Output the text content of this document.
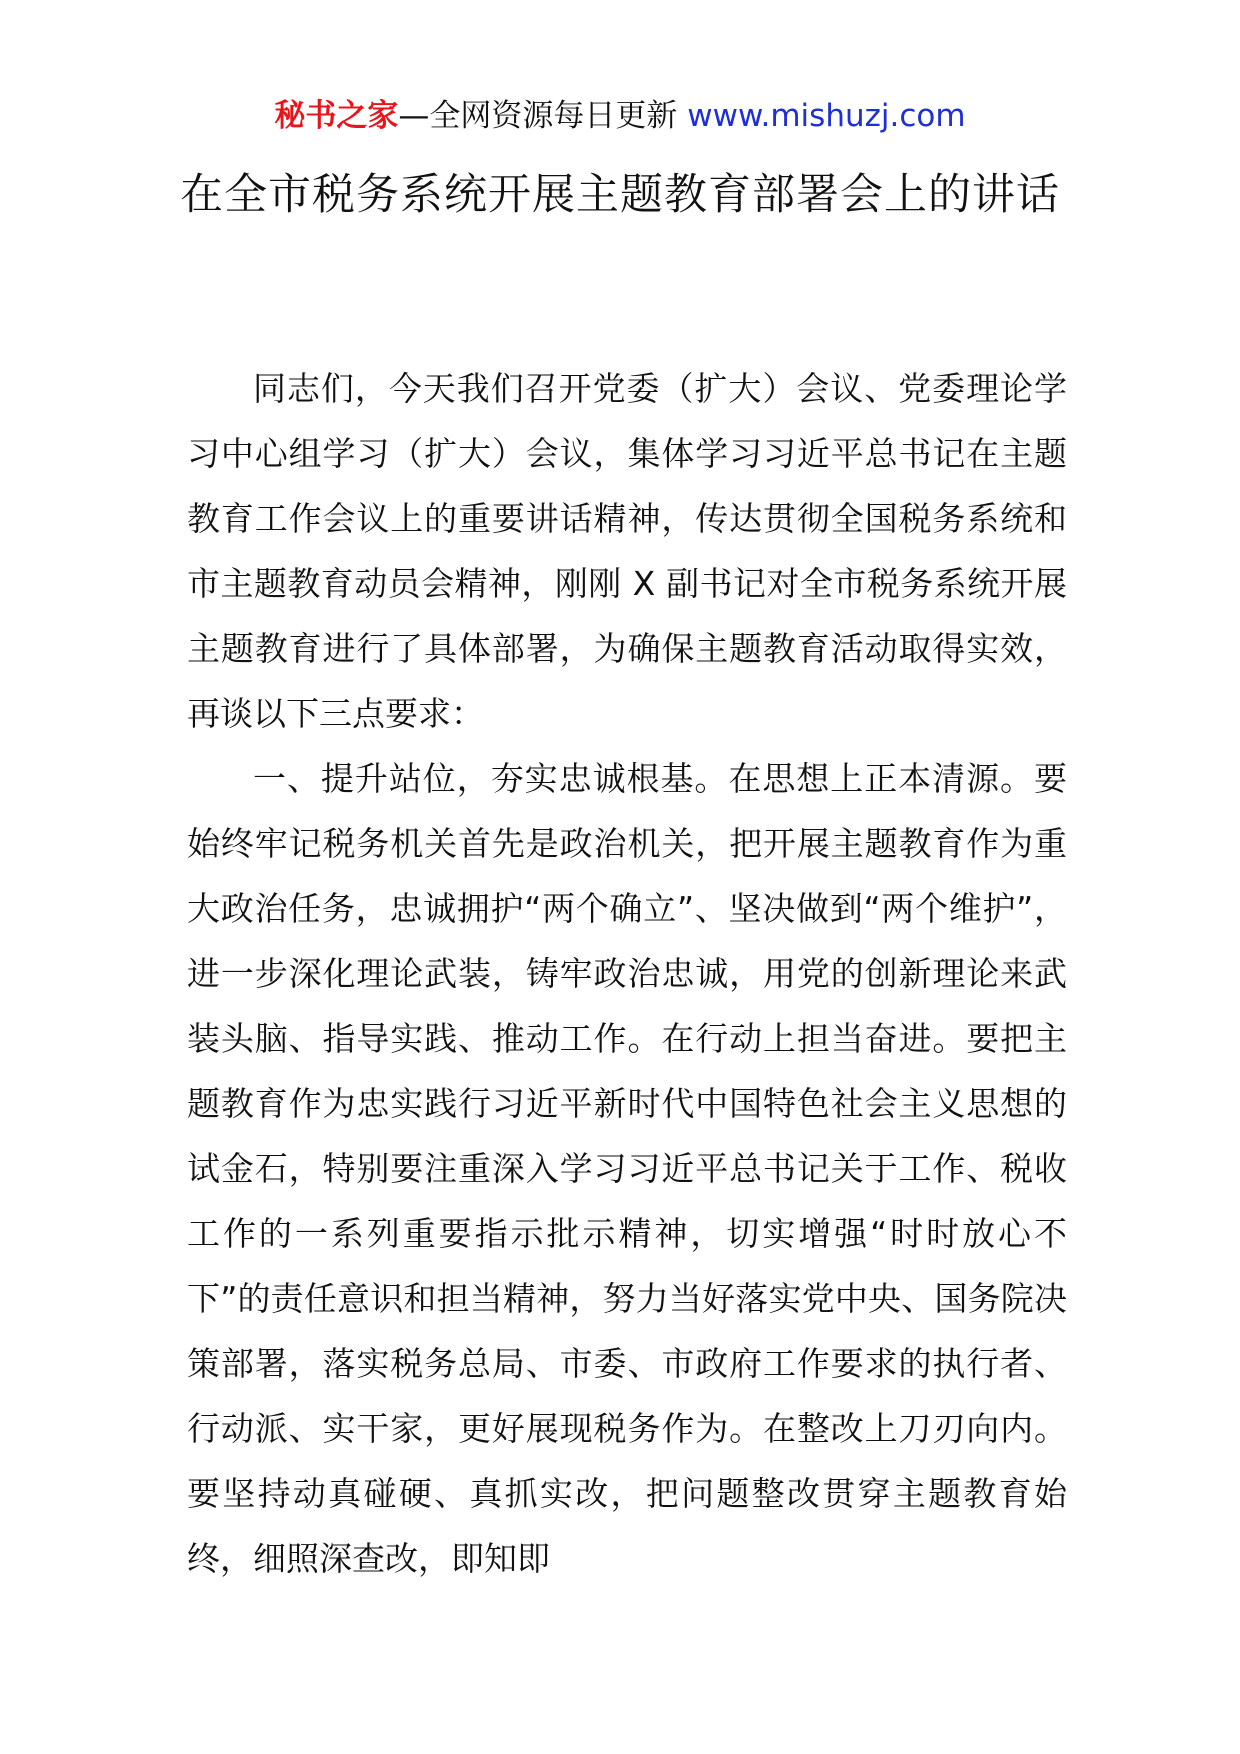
秘书之家—全网资源每日更新 www.mishuzj.com
在全市税务系统开展主题教育部署会上的讲话

同志们，今天我们召开党委（扩大）会议、党委理论学习中心组学习（扩大）会议，集体学习习近平总书记在主题教育工作会议上的重要讲话精神，传达贯彻全国税务系统和市主题教育动员会精神，刚刚 X 副书记对全市税务系统开展主题教育进行了具体部署，为确保主题教育活动取得实效，再谈以下三点要求：

一、提升站位，夯实忠诚根基。在思想上正本清源。要始终牢记税务机关首先是政治机关，把开展主题教育作为重大政治任务，忠诚拥护“两个确立”、坚决做到“两个维护”，进一步深化理论武装，铸牢政治忠诚，用党的创新理论来武装头脑、指导实践、推动工作。在行动上担当奋进。要把主题教育作为忠实践行习近平新时代中国特色社会主义思想的试金石，特别要注重深入学习习近平总书记关于工作、税收工作的一系列重要指示批示精神，切实增强“时时放心不下”的责任意识和担当精神，努力当好落实党中央、国务院决策部署，落实税务总局、市委、市政府工作要求的执行者、行动派、实干家，更好展现税务作为。在整改上刀刃向内。要坚持动真碰硬、真抓实改，把问题整改贯穿主题教育始终，细照深查改，即知即
